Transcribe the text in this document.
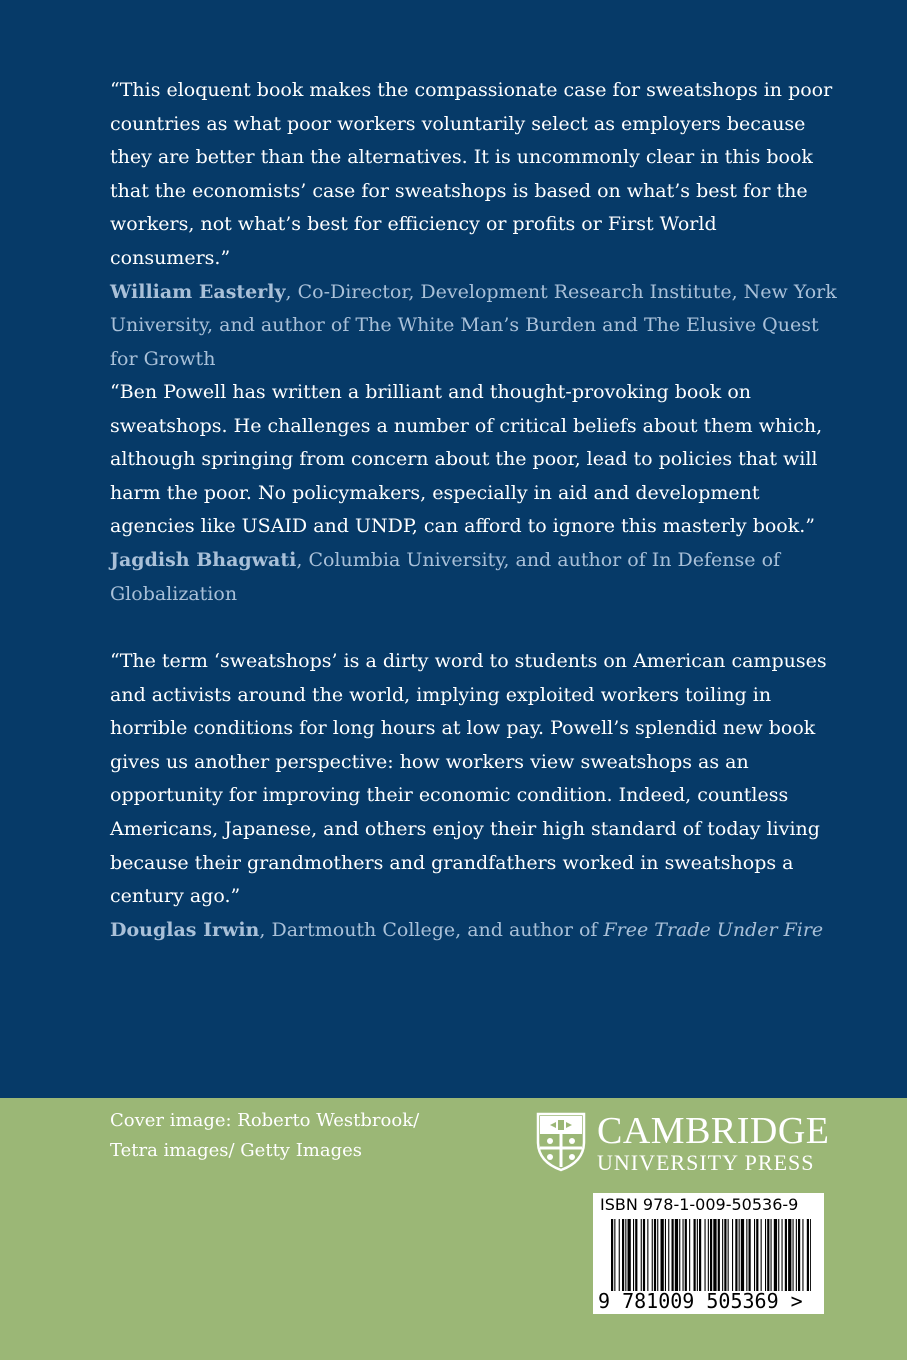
“This eloquent book makes the compassionate case for sweatshops in poor countries as what poor workers voluntarily select as employers because they are better than the alternatives. It is uncommonly clear in this book that the economists’ case for sweatshops is based on what’s best for the workers, not what’s best for efficiency or profits or First World consumers.”

William Easterly, Co-Director, Development Research Institute, New York University, and author of The White Man’s Burden and The Elusive Quest for Growth

“Ben Powell has written a brilliant and thought-provoking book on sweatshops. He challenges a number of critical beliefs about them which, although springing from concern about the poor, lead to policies that will harm the poor. No policymakers, especially in aid and development agencies like USAID and UNDP, can afford to ignore this masterly book.”

Jagdish Bhagwati, Columbia University, and author of In Defense of Globalization

“The term ‘sweatshops’ is a dirty word to students on American campuses and activists around the world, implying exploited workers toiling in horrible conditions for long hours at low pay. Powell’s splendid new book gives us another perspective: how workers view sweatshops as an opportunity for improving their economic condition. Indeed, countless Americans, Japanese, and others enjoy their high standard of today living because their grandmothers and grandfathers worked in sweatshops a century ago.”

Douglas Irwin, Dartmouth College, and author of Free Trade Under Fire

Cover image: Roberto Westbrook/
Tetra images/ Getty Images	CAMBRIDGE
UNIVERSITY PRESS
ISBN 978-1-009-50536-9
9 781009 505369 >
